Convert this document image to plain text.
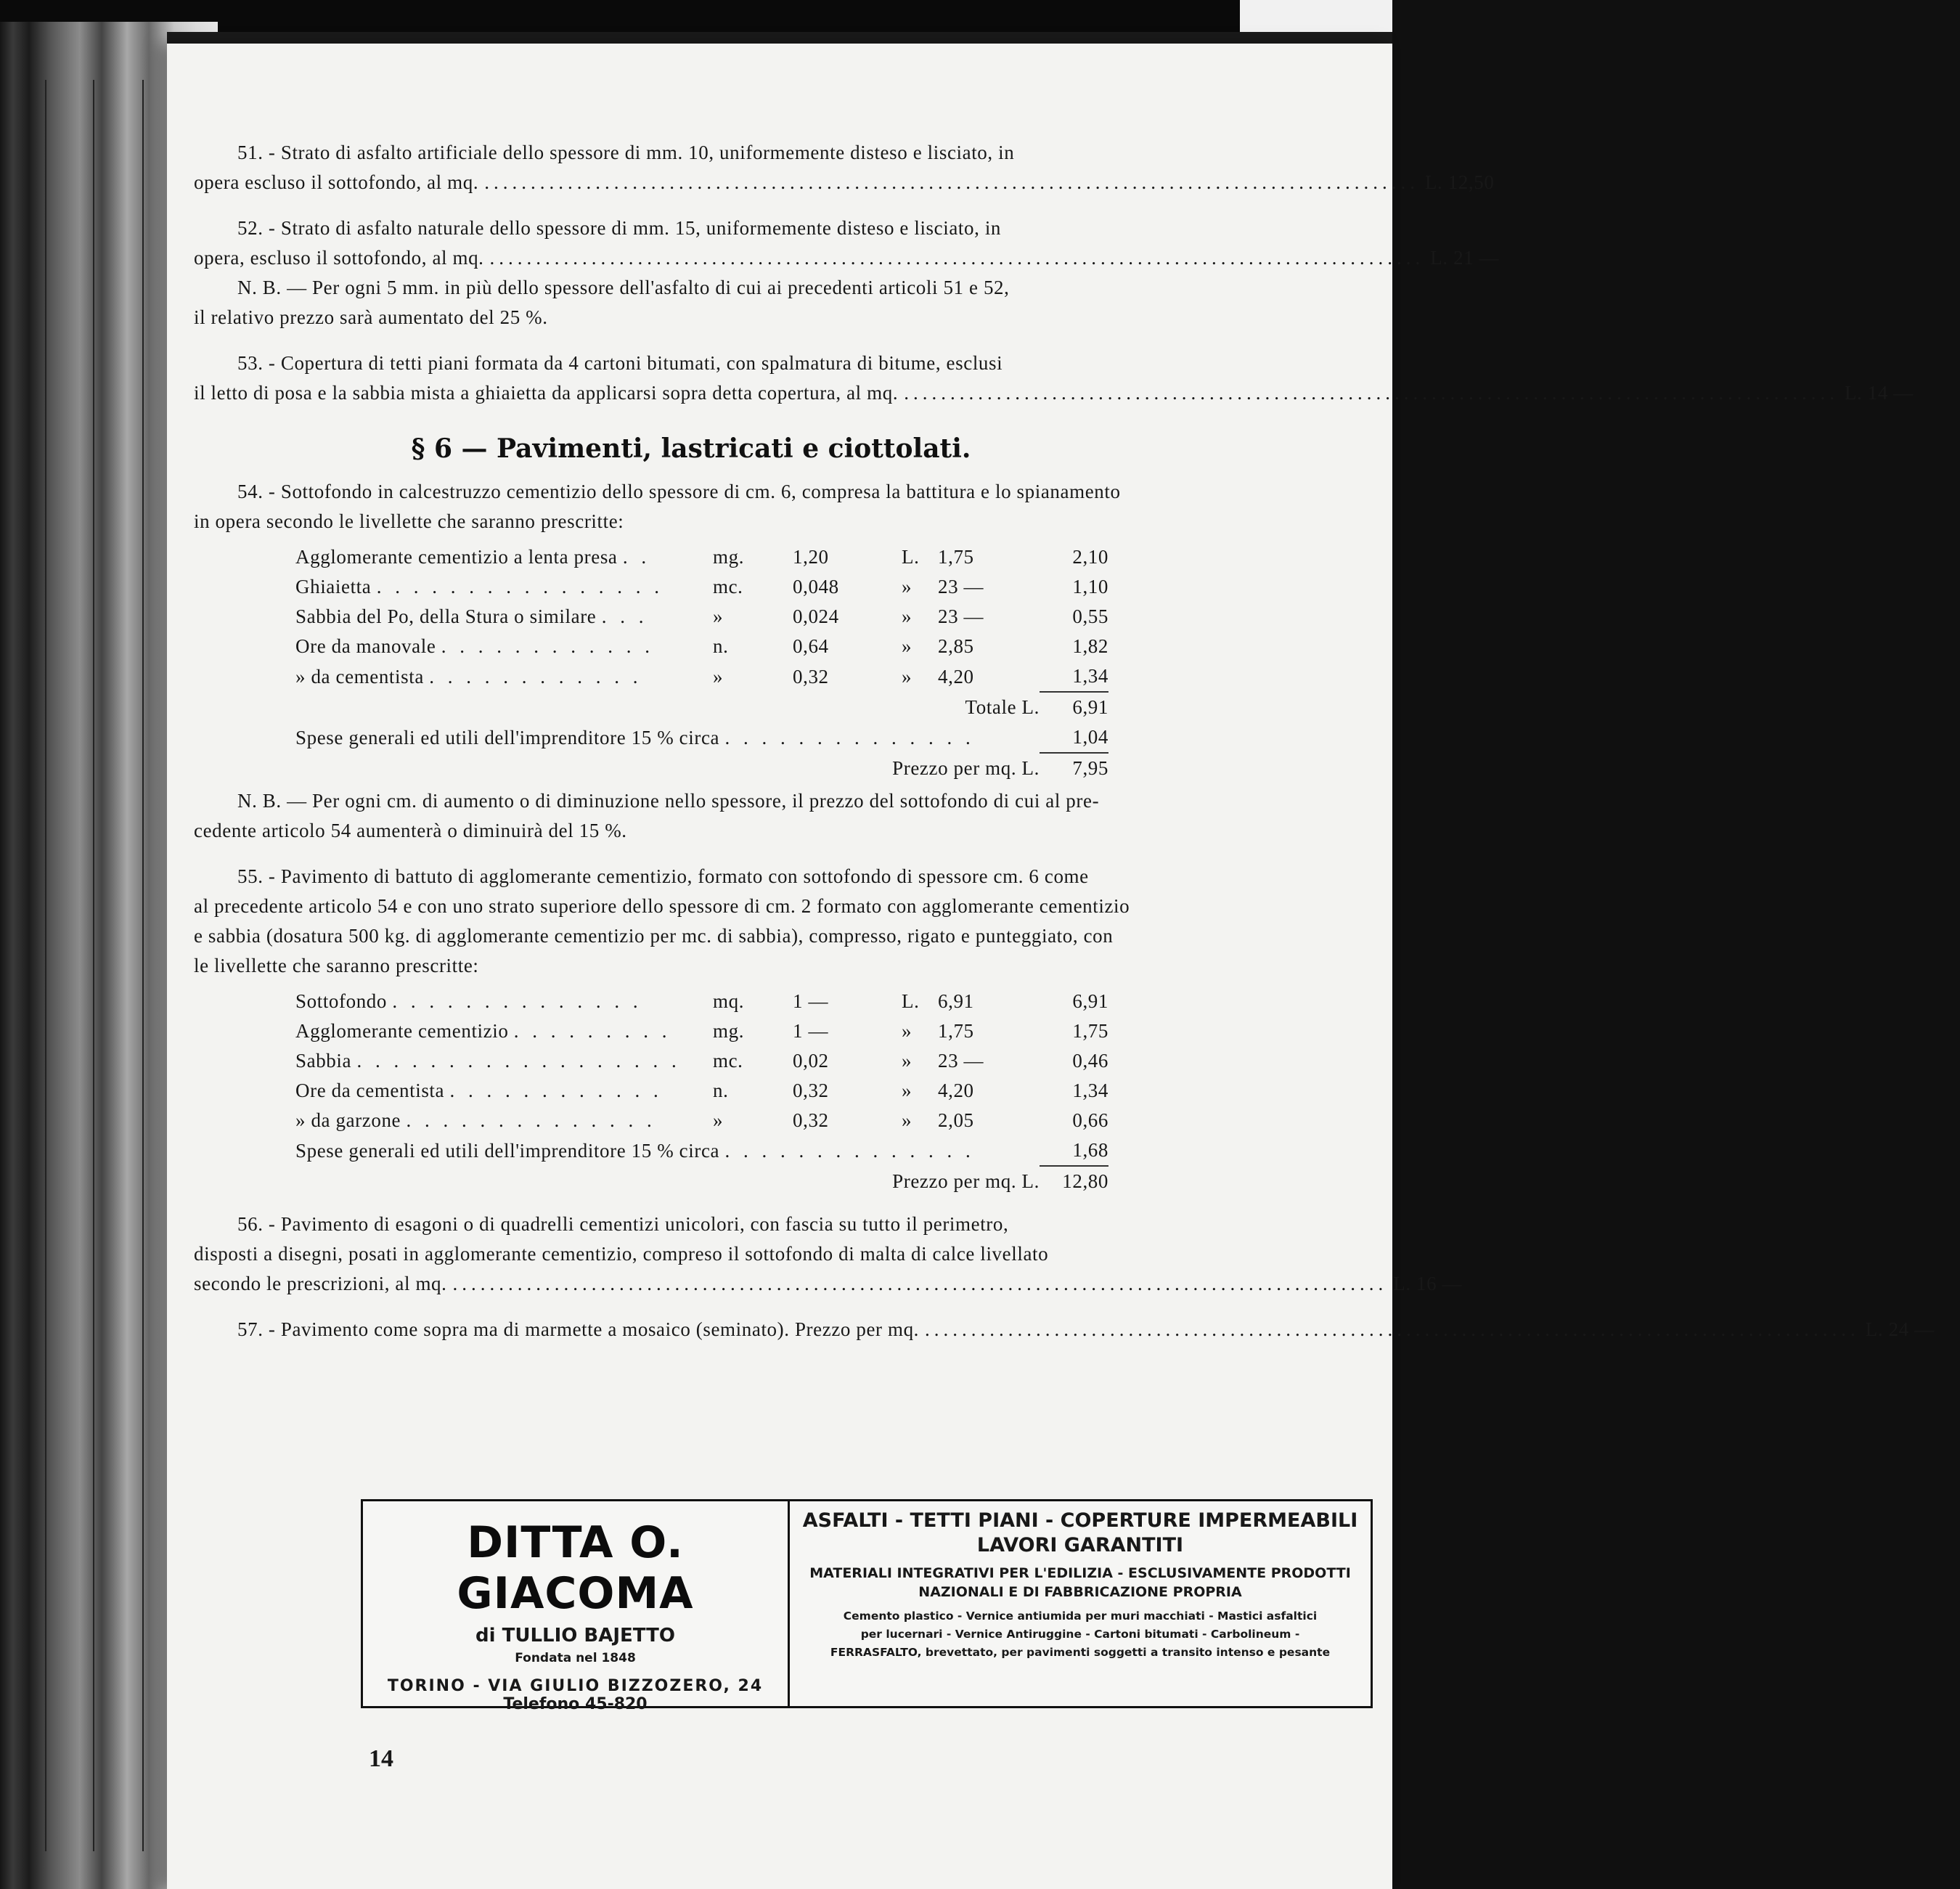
51. - Strato di asfalto artificiale dello spessore di mm. 10, uniformemente disteso e lisciato, in
opera escluso il sottofondo, al mq. ..................................................................................................... L. 12,50
52. - Strato di asfalto naturale dello spessore di mm. 15, uniformemente disteso e lisciato, in
opera, escluso il sottofondo, al mq. ..................................................................................................... L. 21 —
N. B. — Per ogni 5 mm. in più dello spessore dell'asfalto di cui ai precedenti articoli 51 e 52,
il relativo prezzo sarà aumentato del 25 %.
53. - Copertura di tetti piani formata da 4 cartoni bitumati, con spalmatura di bitume, esclusi
il letto di posa e la sabbia mista a ghiaietta da applicarsi sopra detta copertura, al mq. ..................................................................................................... L. 14 —
§ 6 — Pavimenti, lastricati e ciottolati.
54. - Sottofondo in calcestruzzo cementizio dello spessore di cm. 6, compresa la battitura e lo spianamento
in opera secondo le livellette che saranno prescritte:
Agglomerante cementizio a lenta presa . .	mg.	1,20	L.	1,75	2,10
Ghiaietta . . . . . . . . . . . . . . . .	mc.	0,048	»	23 —	1,10
Sabbia del Po, della Stura o similare . . .	»	0,024	»	23 —	0,55
Ore da manovale . . . . . . . . . . . .	n.	0,64	»	2,85	1,82
» da cementista . . . . . . . . . . . .	»	0,32	»	4,20	1,34
Totale L.					6,91
Spese generali ed utili dell'imprenditore 15 % circa . . . . . . . . . . . . . .					1,04
Prezzo per mq. L.					7,95
N. B. — Per ogni cm. di aumento o di diminuzione nello spessore, il prezzo del sottofondo di cui al pre-
cedente articolo 54 aumenterà o diminuirà del 15 %.
55. - Pavimento di battuto di agglomerante cementizio, formato con sottofondo di spessore cm. 6 come
al precedente articolo 54 e con uno strato superiore dello spessore di cm. 2 formato con agglomerante cementizio
e sabbia (dosatura 500 kg. di agglomerante cementizio per mc. di sabbia), compresso, rigato e punteggiato, con
le livellette che saranno prescritte:
Sottofondo . . . . . . . . . . . . . .	mq.	1 —	L.	6,91	6,91
Agglomerante cementizio . . . . . . . . .	mg.	1 —	»	1,75	1,75
Sabbia . . . . . . . . . . . . . . . . . .	mc.	0,02	»	23 —	0,46
Ore da cementista . . . . . . . . . . . .	n.	0,32	»	4,20	1,34
» da garzone . . . . . . . . . . . . . .	»	0,32	»	2,05	0,66
Spese generali ed utili dell'imprenditore 15 % circa . . . . . . . . . . . . . .					1,68
Prezzo per mq. L.					12,80
56. - Pavimento di esagoni o di quadrelli cementizi unicolori, con fascia su tutto il perimetro,
disposti a disegni, posati in agglomerante cementizio, compreso il sottofondo di malta di calce livellato
secondo le prescrizioni, al mq. ..................................................................................................... L. 16 —
57. - Pavimento come sopra ma di marmette a mosaico (seminato). Prezzo per mq. ..................................................................................................... L. 24 —
DITTA O. GIACOMA
di TULLIO BAJETTO
Fondata nel 1848
TORINO - VIA GIULIO BIZZOZERO, 24
Telefono 45-820
ASFALTI - TETTI PIANI - COPERTURE IMPERMEABILI
LAVORI GARANTITI
MATERIALI INTEGRATIVI PER L'EDILIZIA - ESCLUSIVAMENTE PRODOTTI
NAZIONALI E DI FABBRICAZIONE PROPRIA
Cemento plastico - Vernice antiumida per muri macchiati - Mastici asfaltici
per lucernari - Vernice Antiruggine - Cartoni bitumati - Carbolineum -
FERRASFALTO, brevettato, per pavimenti soggetti a transito intenso e pesante
14
